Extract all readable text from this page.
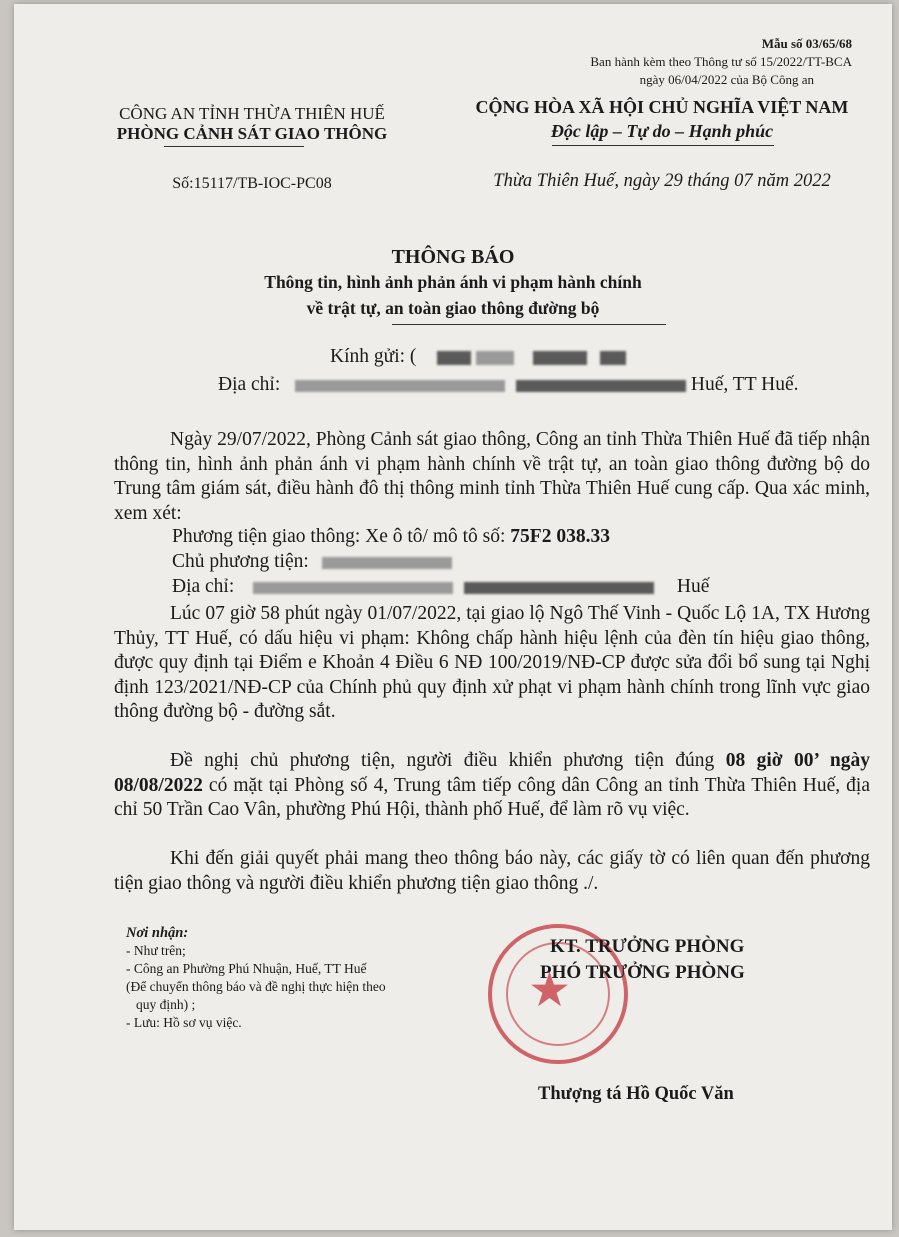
Mẫu số 03/65/68
Ban hành kèm theo Thông tư số 15/2022/TT-BCA
ngày 06/04/2022 của Bộ Công an
CÔNG AN TỈNH THỪA THIÊN HUẾ
PHÒNG CẢNH SÁT GIAO THÔNG
Số:15117/TB-IOC-PC08
CỘNG HÒA XÃ HỘI CHỦ NGHĨA VIỆT NAM
Độc lập – Tự do – Hạnh phúc
Thừa Thiên Huế, ngày 29 tháng 07 năm 2022
THÔNG BÁO
Thông tin, hình ảnh phản ánh vi phạm hành chính
về trật tự, an toàn giao thông đường bộ
Kính gửi: (
Địa chỉ:	Huế, TT Huế.
Ngày 29/07/2022, Phòng Cảnh sát giao thông, Công an tỉnh Thừa Thiên Huế đã tiếp nhận thông tin, hình ảnh phản ánh vi phạm hành chính về trật tự, an toàn giao thông đường bộ do Trung tâm giám sát, điều hành đô thị thông minh tỉnh Thừa Thiên Huế cung cấp. Qua xác minh, xem xét:
Phương tiện giao thông: Xe ô tô/ mô tô số: 75F2 038.33
Chủ phương tiện:
Địa chỉ:	Huế
Lúc 07 giờ 58 phút ngày 01/07/2022, tại giao lộ Ngô Thế Vinh - Quốc Lộ 1A, TX Hương Thủy, TT Huế, có dấu hiệu vi phạm: Không chấp hành hiệu lệnh của đèn tín hiệu giao thông, được quy định tại Điểm e Khoản 4 Điều 6 NĐ 100/2019/NĐ-CP được sửa đổi bổ sung tại Nghị định 123/2021/NĐ-CP của Chính phủ quy định xử phạt vi phạm hành chính trong lĩnh vực giao thông đường bộ - đường sắt.
Đề nghị chủ phương tiện, người điều khiển phương tiện đúng 08 giờ 00’ ngày 08/08/2022 có mặt tại Phòng số 4, Trung tâm tiếp công dân Công an tỉnh Thừa Thiên Huế, địa chỉ 50 Trần Cao Vân, phường Phú Hội, thành phố Huế, để làm rõ vụ việc.
Khi đến giải quyết phải mang theo thông báo này, các giấy tờ có liên quan đến phương tiện giao thông và người điều khiển phương tiện giao thông ./.
Nơi nhận:
- Như trên;
- Công an Phường Phú Nhuận, Huế, TT Huế
(Để chuyển thông báo và đề nghị thực hiện theo
quy định) ;
- Lưu: Hồ sơ vụ việc.
★
KT. TRƯỞNG PHÒNG
PHÓ TRƯỞNG PHÒNG
Thượng tá Hồ Quốc Văn
